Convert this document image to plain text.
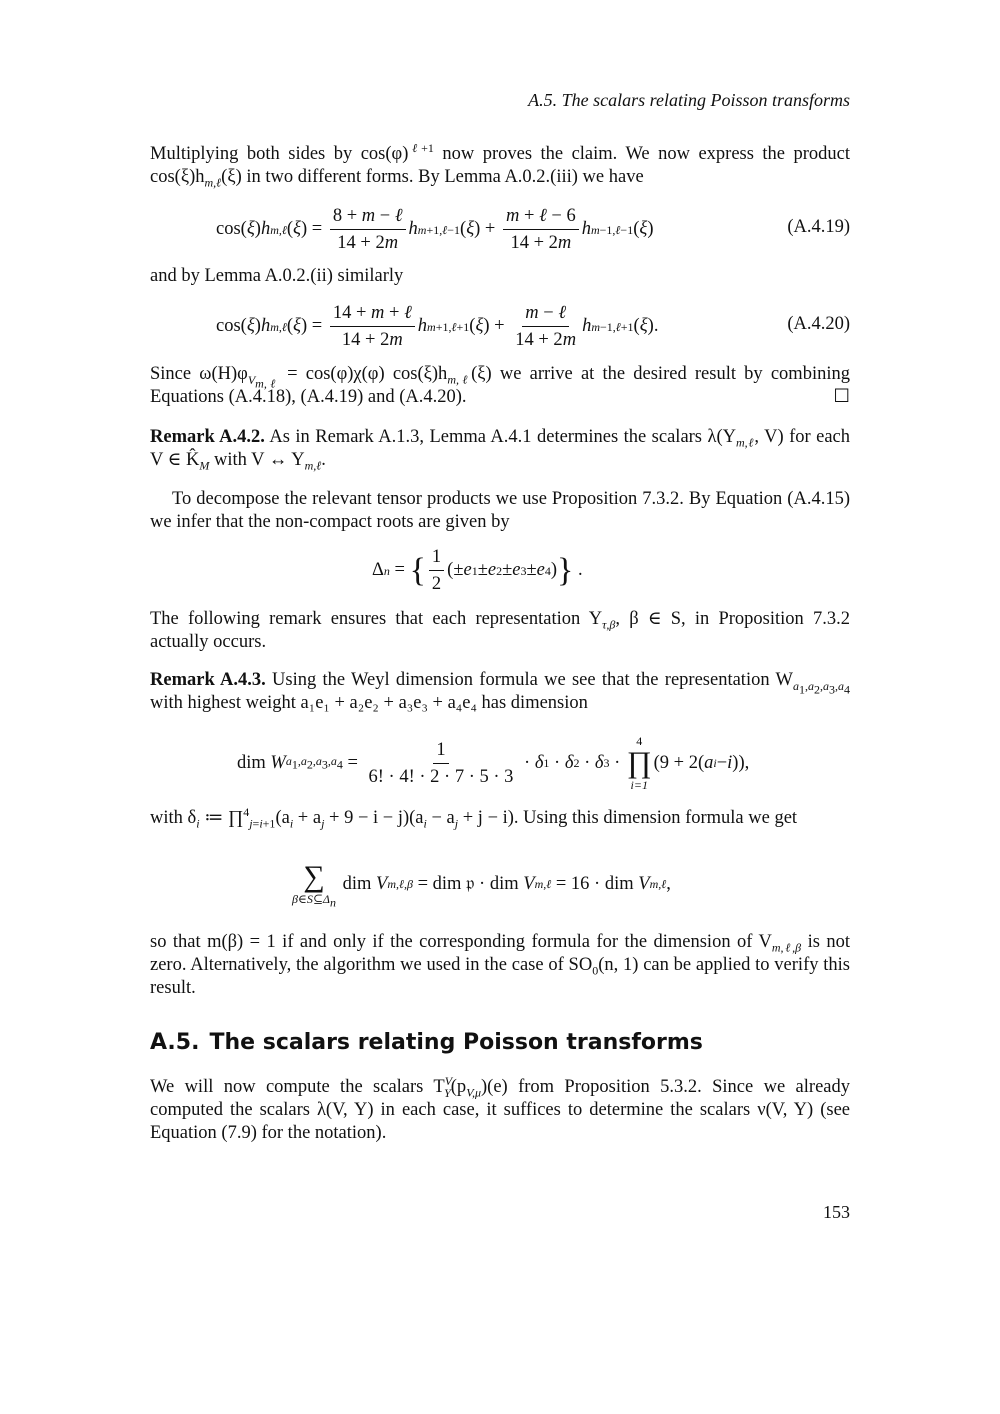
A.5. The scalars relating Poisson transforms

Multiplying both sides by $\cos(\varphi)^{\ell+1}$ now proves the claim. We now express the product $\cos(\xi)h_{m,\ell}(\xi)$ in two different forms. By Lemma A.0.2.(iii) we have

cos( ξ ) h m,ℓ ( ξ ) = $\frac{\text{8 + m − ℓ}}{14 + 2m}$ h m+1,ℓ−1 ( ξ ) + $\frac{\text{m + ℓ − 6}}{14 + 2m}$ h m−1,ℓ−1 ( ξ )	(A.4.19)

and by Lemma A.0.2.(ii) similarly

cos( ξ ) h m,ℓ ( ξ ) = $\frac{\text{14 + m + ℓ}}{14 + 2m}$ h m+1,ℓ+1 ( ξ ) + $\frac{\text{m − ℓ}}{14 + 2m}$ h m−1,ℓ+1 ( ξ ).	(A.4.20)

Since $\omega(H)\varphi_{V_{m,\ell}} = \cos(\varphi)\chi(\varphi)$ $\cos(\xi)h_{m,\ell}(\xi)$ we arrive at the desired result by combining Equations (A.4.18), (A.4.19) and (A.4.20).	☐

Remark A.4.2. As in Remark A.1.3, Lemma A.4.1 determines the scalars $\lambda(Y_{m,\ell}$, V) for each V ∈ $K̂_M$ with V ↔ $Y_{m,\ell}$.

To decompose the relevant tensor products we use Proposition 7.3.2. By Equation (A.4.15) we infer that the non-compact roots are given by
Δ n = { $\frac{1}{2}$ (± e 1 ± e 2 ± e 3 ± e 4 ) } .

The following remark ensures that each representation $Y_{\tau,\beta}$, β ∈ S, in Proposition 7.3.2 actually occurs.

Remark A.4.3. Using the Weyl dimension formula we see that the representation $W_{a_1,a_2,a_3,a_4}$ with highest weight a₁e₁ + a₂e₂ + a₃e₃ + a₄e₄ has dimension

dim W $a_1,a_2,a_3,a_4 = \frac{1}{6! \cdot 4! \cdot 2 \cdot 7 \cdot 5 \cdot 3} \cdot \delta$ 1 · δ 2 · δ 3 ·
4
∏
i=1
(9 + 2( a i − i )),

with $\delta_i$ ≔ $\prod^4_{j=i+1}(a_i + a_j + 9 - i - j)(a_i - a_j + j - i)$. Using this dimension formula we get

∑
$\beta\in S⊆\Delta_n$
dim V m,ℓ,β = dim 𝔭 · dim V m,ℓ = 16 · dim V m,ℓ ,

so that m(β) = 1 if and only if the corresponding formula for the dimension of $V_{m,\ell,\beta}$ is not zero. Alternatively, the algorithm we used in the case of $SO_0(n$, 1) can be applied to verify this result.

A.5. The scalars relating Poisson transforms

We will now compute the scalars $T^V_Y(p_{V,\mu})(e)$ from Proposition 5.3.2. Since we already computed the scalars λ(V, Y) in each case, it suffices to determine the scalars ν(V, Y) (see Equation (7.9) for the notation).

153
